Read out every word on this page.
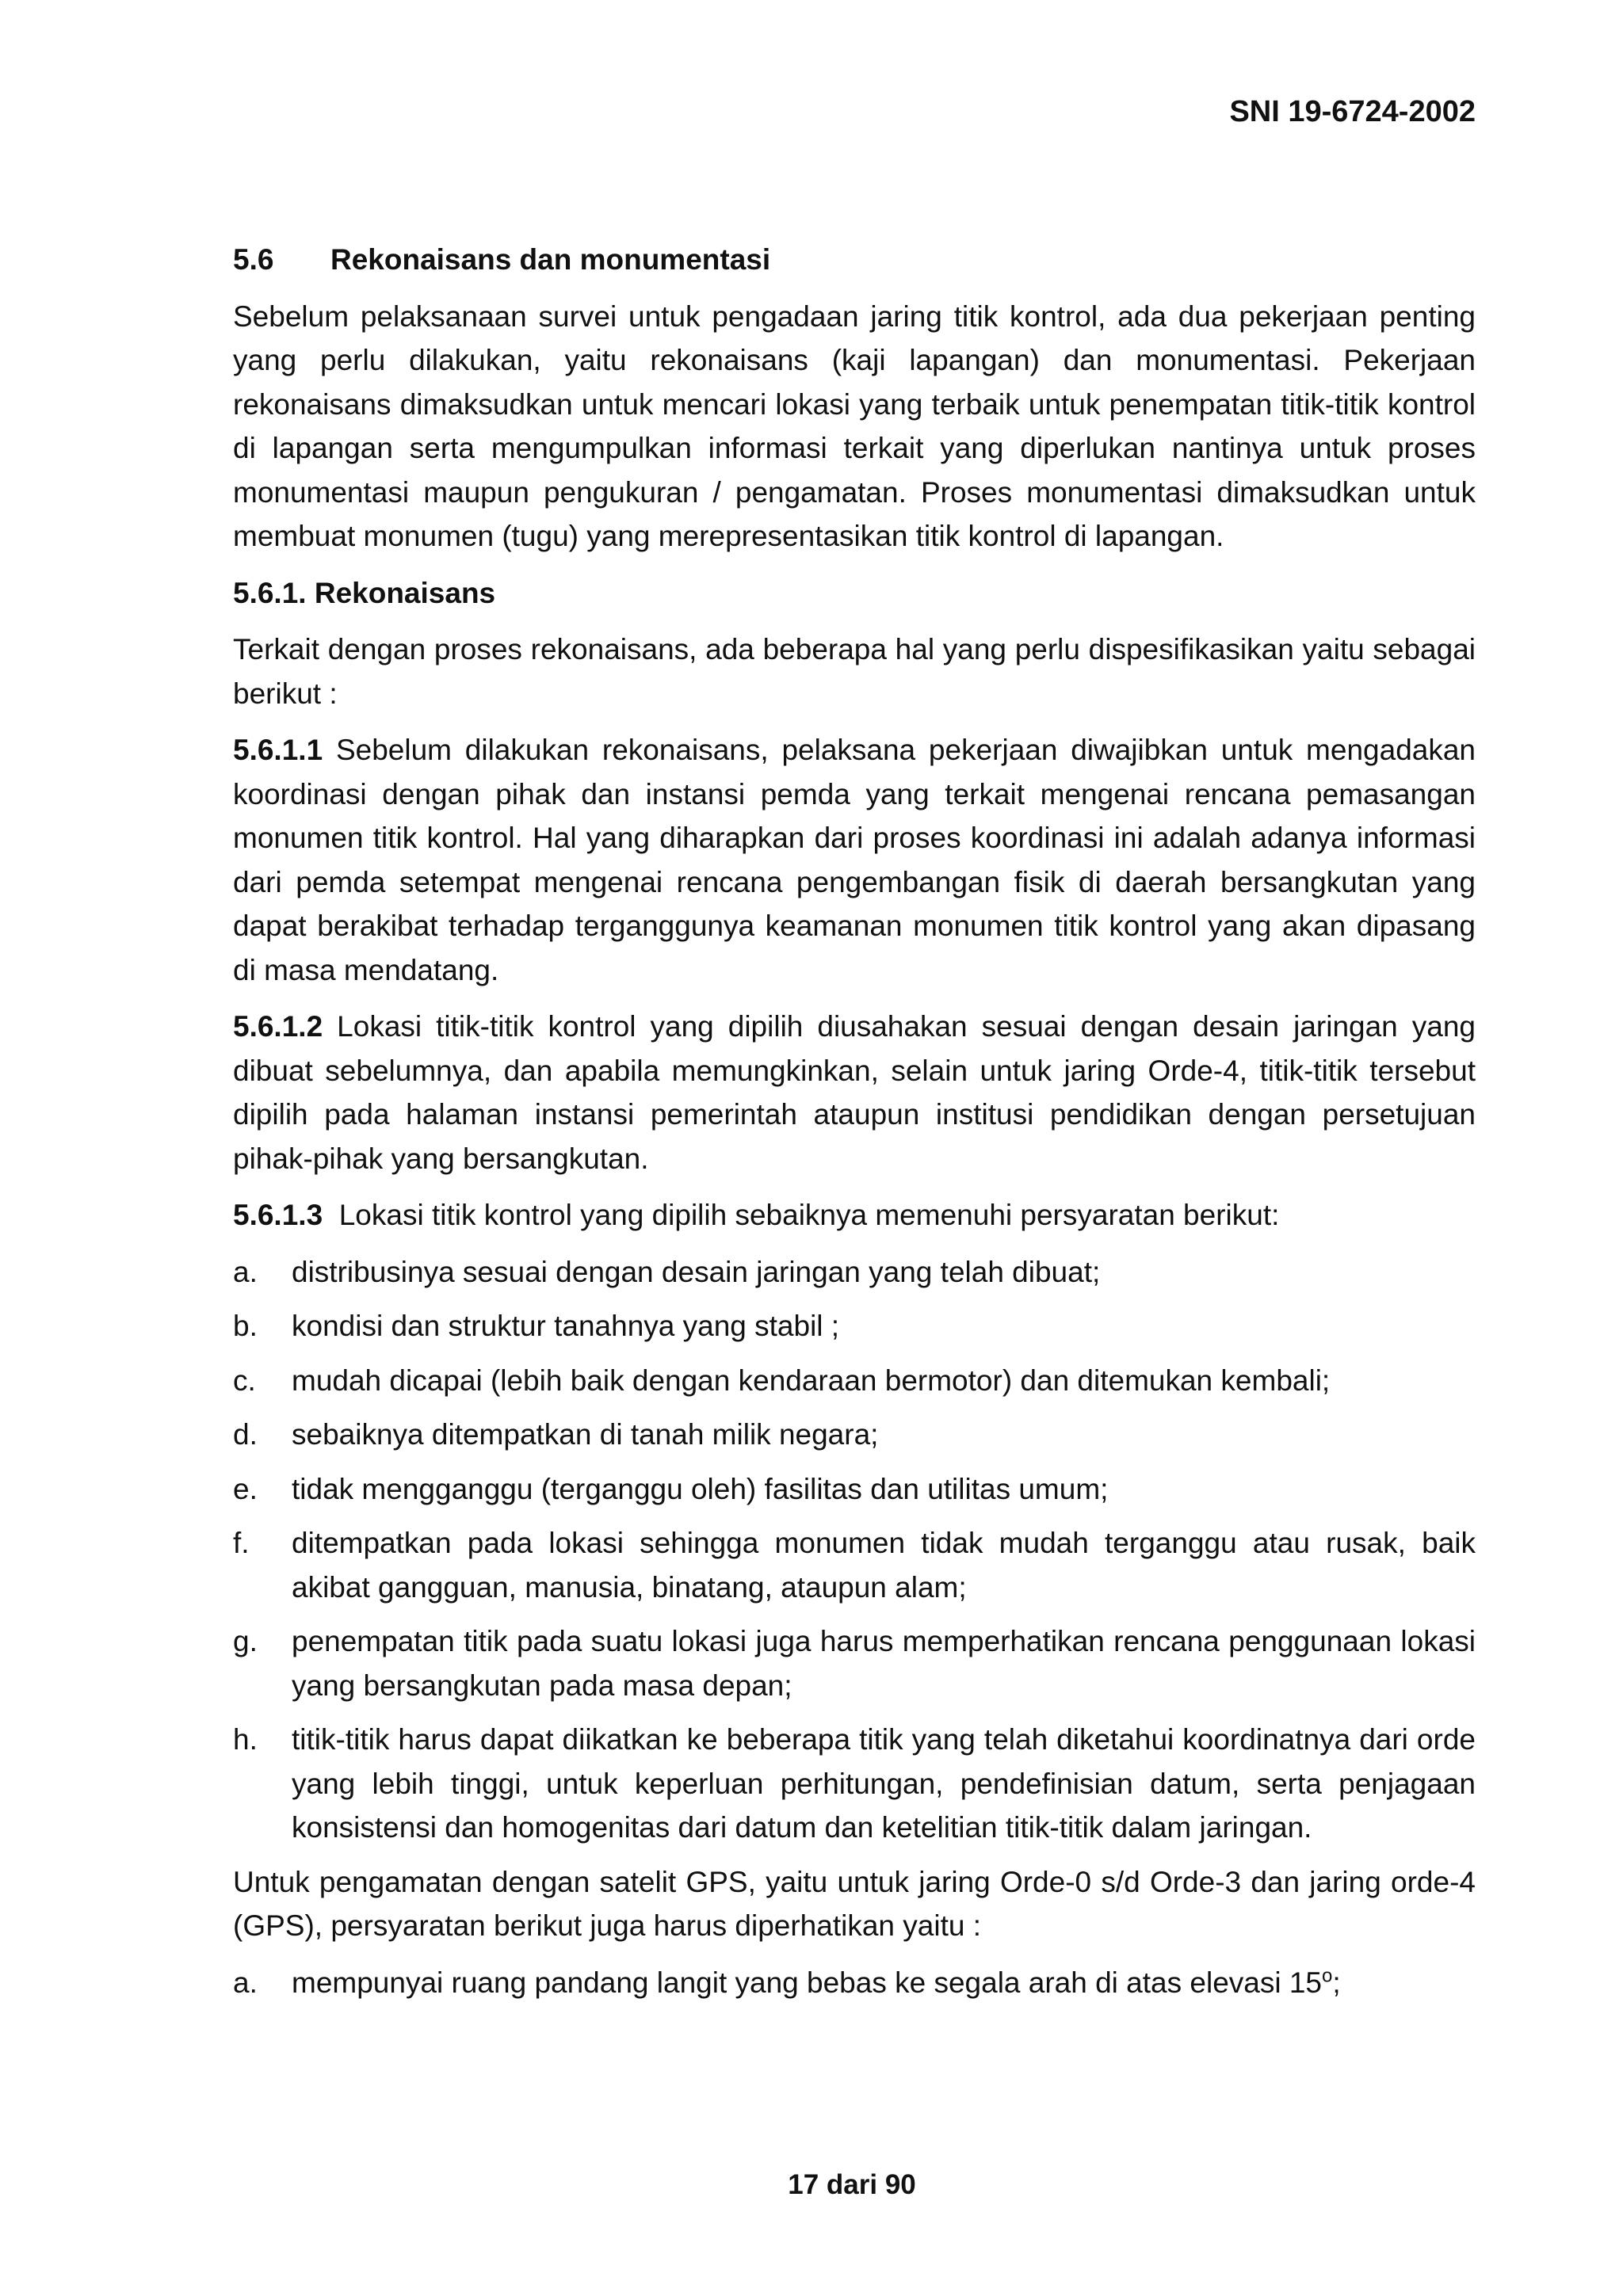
SNI 19-6724-2002
5.6	Rekonaisans dan monumentasi

Sebelum pelaksanaan survei untuk pengadaan jaring titik kontrol, ada dua pekerjaan penting yang perlu dilakukan, yaitu rekonaisans (kaji lapangan) dan monumentasi. Pekerjaan rekonaisans dimaksudkan untuk mencari lokasi yang terbaik untuk penempatan titik-titik kontrol di lapangan serta mengumpulkan informasi terkait yang diperlukan nantinya untuk proses monumentasi maupun pengukuran / pengamatan. Proses monumentasi dimaksudkan untuk membuat monumen (tugu) yang merepresentasikan titik kontrol di lapangan.

5.6.1. Rekonaisans

Terkait dengan proses rekonaisans, ada beberapa hal yang perlu dispesifikasikan yaitu sebagai berikut :

5.6.1.1 Sebelum dilakukan rekonaisans, pelaksana pekerjaan diwajibkan untuk mengadakan koordinasi dengan pihak dan instansi pemda yang terkait mengenai rencana pemasangan monumen titik kontrol. Hal yang diharapkan dari proses koordinasi ini adalah adanya informasi dari pemda setempat mengenai rencana pengembangan fisik di daerah bersangkutan yang dapat berakibat terhadap terganggunya keamanan monumen titik kontrol yang akan dipasang di masa mendatang.

5.6.1.2 Lokasi titik-titik kontrol yang dipilih diusahakan sesuai dengan desain jaringan yang dibuat sebelumnya, dan apabila memungkinkan, selain untuk jaring Orde-4, titik-titik tersebut dipilih pada halaman instansi pemerintah ataupun institusi pendidikan dengan persetujuan pihak-pihak yang bersangkutan.

5.6.1.3 Lokasi titik kontrol yang dipilih sebaiknya memenuhi persyaratan berikut:

a.	distribusinya sesuai dengan desain jaringan yang telah dibuat;
b.	kondisi dan struktur tanahnya yang stabil ;
c.	mudah dicapai (lebih baik dengan kendaraan bermotor) dan ditemukan kembali;
d.	sebaiknya ditempatkan di tanah milik negara;
e.	tidak mengganggu (terganggu oleh) fasilitas dan utilitas umum;
f.	ditempatkan pada lokasi sehingga monumen tidak mudah terganggu atau rusak, baik akibat gangguan, manusia, binatang, ataupun alam;
g.	penempatan titik pada suatu lokasi juga harus memperhatikan rencana penggunaan lokasi yang bersangkutan pada masa depan;
h.	titik-titik harus dapat diikatkan ke beberapa titik yang telah diketahui koordinatnya dari orde yang lebih tinggi, untuk keperluan perhitungan, pendefinisian datum, serta penjagaan konsistensi dan homogenitas dari datum dan ketelitian titik-titik dalam jaringan.

Untuk pengamatan dengan satelit GPS, yaitu untuk jaring Orde-0 s/d Orde-3 dan jaring orde-4 (GPS), persyaratan berikut juga harus diperhatikan yaitu :

a.	mempunyai ruang pandang langit yang bebas ke segala arah di atas elevasi 15$^o$;
17 dari 90
